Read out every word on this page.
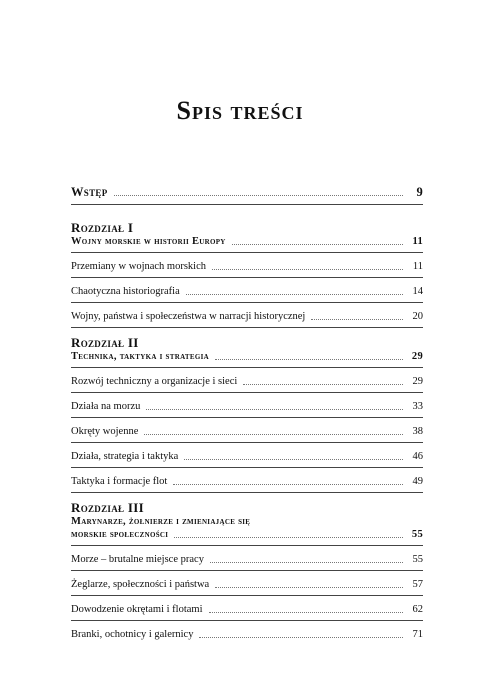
Spis treści
Wstęp	9
Rozdział I
Wojny morskie w historii Europy	11
Przemiany w wojnach morskich	11
Chaotyczna historiografia	14
Wojny, państwa i społeczeństwa w narracji historycznej	20
Rozdział II
Technika, taktyka i strategia	29
Rozwój techniczny a organizacje i sieci	29
Działa na morzu	33
Okręty wojenne	38
Działa, strategia i taktyka	46
Taktyka i formacje flot	49
Rozdział III
Marynarze, żołnierze i zmieniające się
morskie społeczności	55
Morze – brutalne miejsce pracy	55
Żeglarze, społeczności i państwa	57
Dowodzenie okrętami i flotami	62
Branki, ochotnicy i galernicy	71
